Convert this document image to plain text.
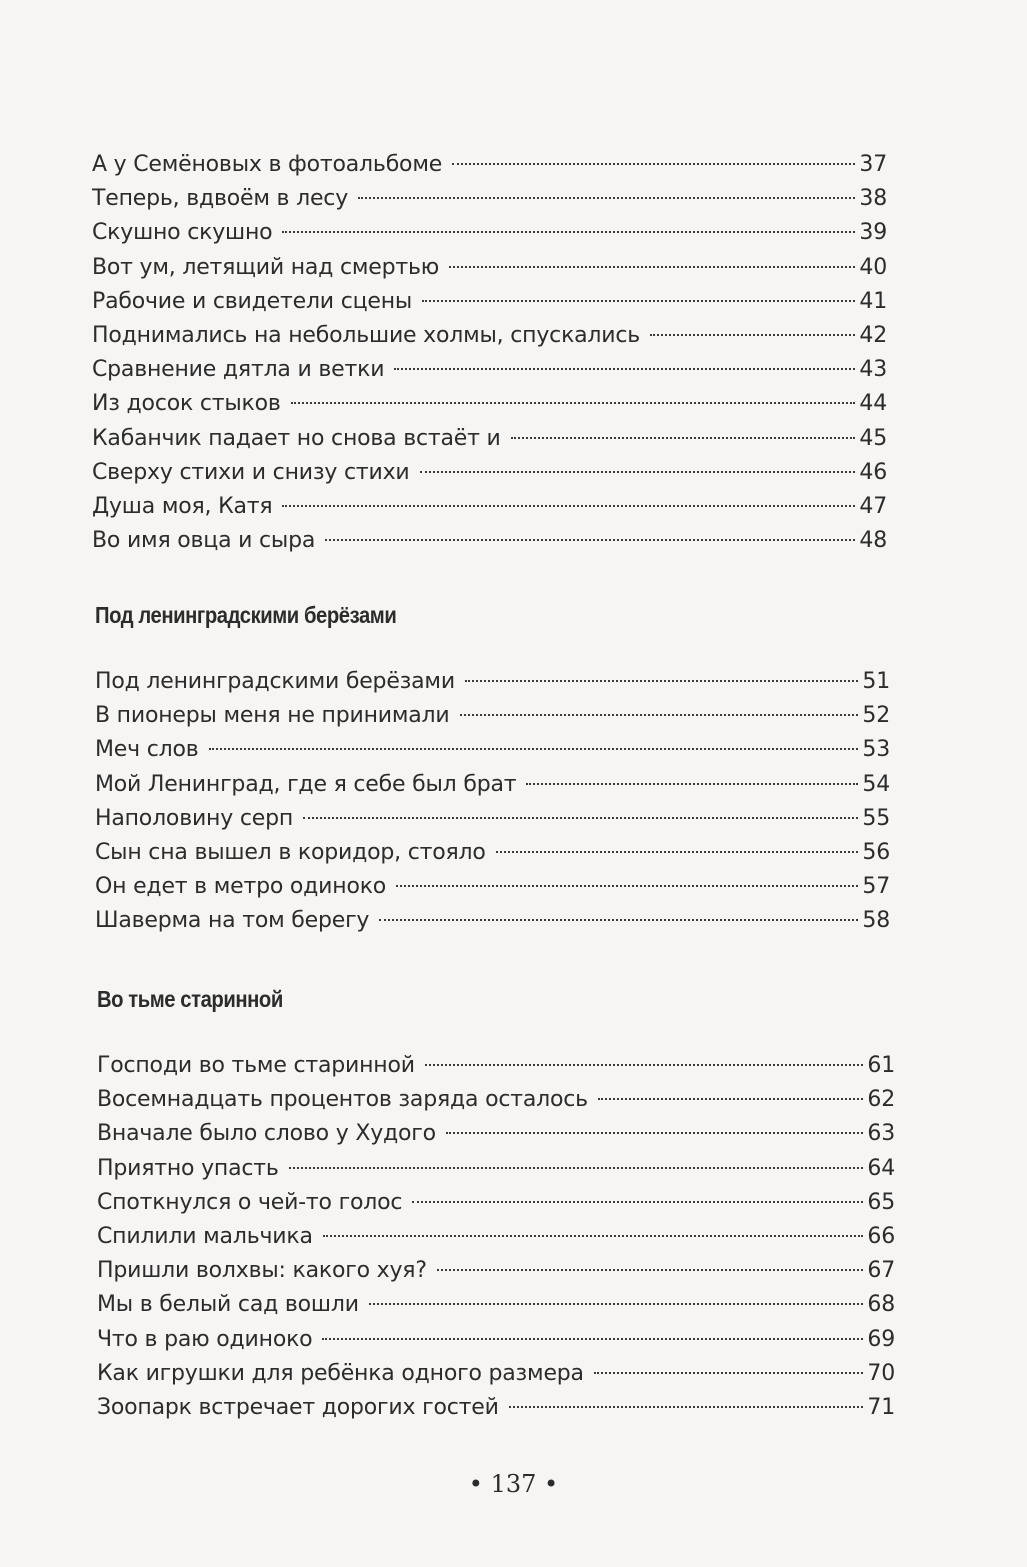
А у Семёновых в фотоальбоме	37
Теперь, вдвоём в лесу	38
Скушно скушно	39
Вот ум, летящий над смертью	40
Рабочие и свидетели сцены	41
Поднимались на небольшие холмы, спускались	42
Сравнение дятла и ветки	43
Из досок стыков	44
Кабанчик падает но снова встаёт и	45
Сверху стихи и снизу стихи	46
Душа моя, Катя	47
Во имя овца и сыра	48
Под ленинградскими берёзами
Под ленинградскими берёзами	51
В пионеры меня не принимали	52
Меч слов	53
Мой Ленинград, где я себе был брат	54
Наполовину серп	55
Сын сна вышел в коридор, стояло	56
Он едет в метро одиноко	57
Шаверма на том берегу	58
Во тьме старинной
Господи во тьме старинной	61
Восемнадцать процентов заряда осталось	62
Вначале было слово у Худого	63
Приятно упасть	64
Споткнулся о чей-то голос	65
Спилили мальчика	66
Пришли волхвы: какого хуя?	67
Мы в белый сад вошли	68
Что в раю одиноко	69
Как игрушки для ребёнка одного размера	70
Зоопарк встречает дорогих гостей	71
• 137 •
